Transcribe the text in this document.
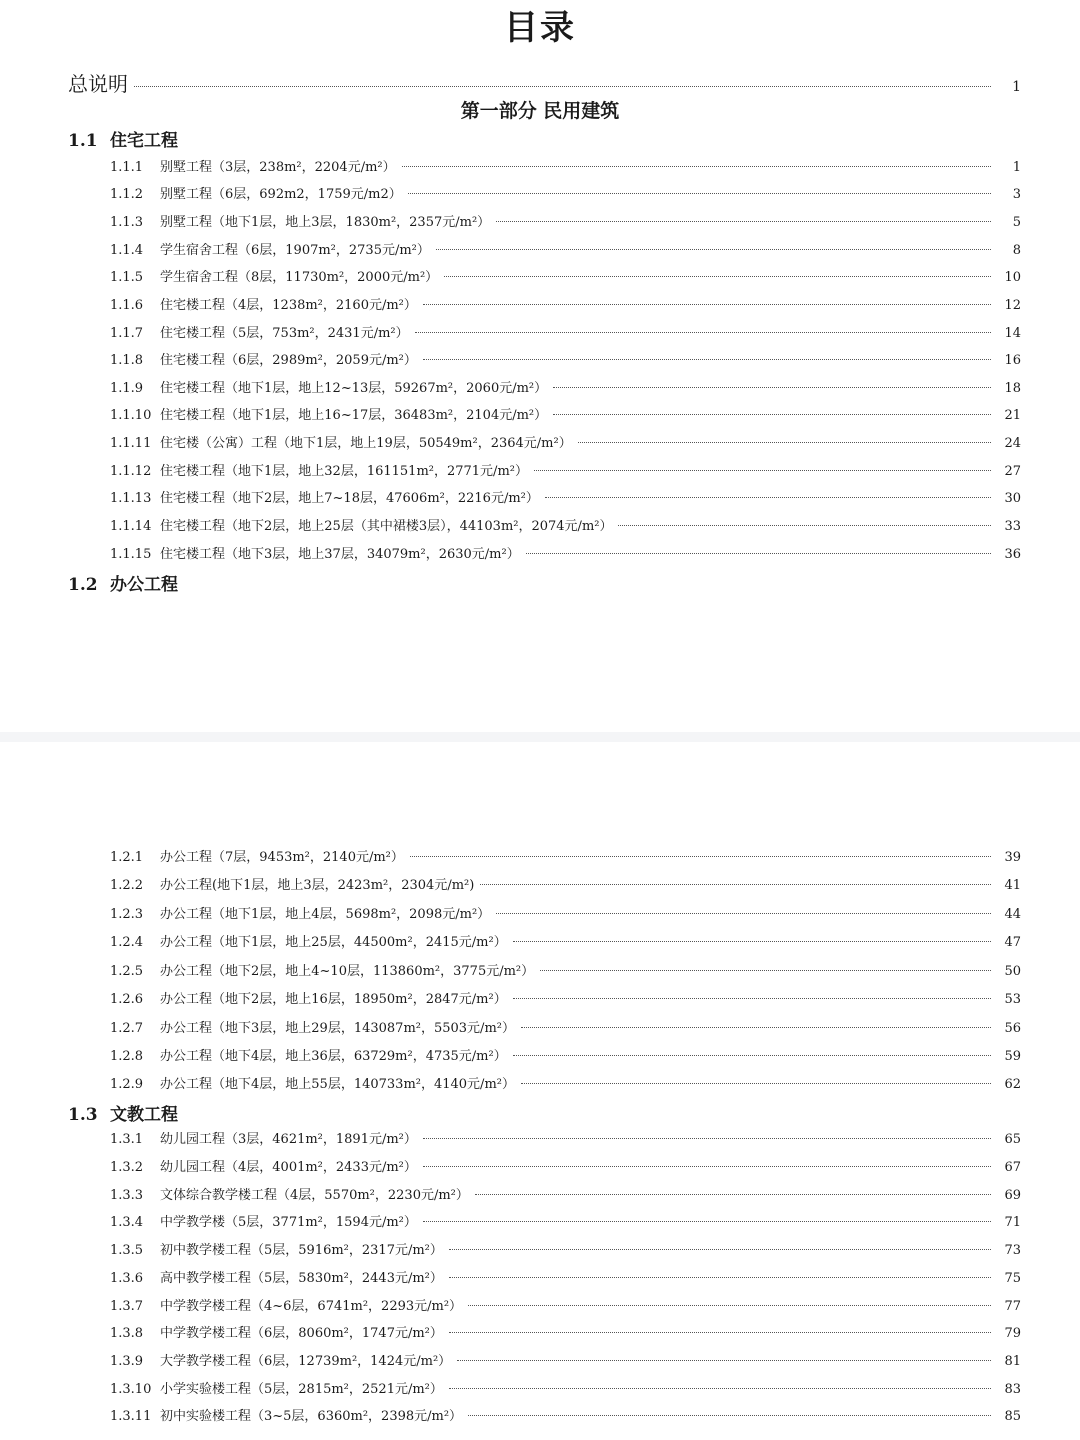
目录
总说明	1
第一部分 民用建筑
1.1 住宅工程
1.1.1	别墅工程（3层，238m²，2204元/m²）	1
1.1.2	别墅工程（6层，692m2，1759元/m2）	3
1.1.3	别墅工程（地下1层，地上3层，1830m²，2357元/m²）	5
1.1.4	学生宿舍工程（6层，1907m²，2735元/m²）	8
1.1.5	学生宿舍工程（8层，11730m²，2000元/m²）	10
1.1.6	住宅楼工程（4层，1238m²，2160元/m²）	12
1.1.7	住宅楼工程（5层，753m²，2431元/m²）	14
1.1.8	住宅楼工程（6层，2989m²，2059元/m²）	16
1.1.9	住宅楼工程（地下1层，地上12~13层，59267m²，2060元/m²）	18
1.1.10 住宅楼工程（地下1层，地上16~17层，36483m²，2104元/m²）	21
1.1.11 住宅楼（公寓）工程（地下1层，地上19层，50549m²，2364元/m²）	24
1.1.12 住宅楼工程（地下1层，地上32层，161151m²，2771元/m²）	27
1.1.13 住宅楼工程（地下2层，地上7~18层，47606m²，2216元/m²）	30
1.1.14 住宅楼工程（地下2层，地上25层（其中裙楼3层），44103m²，2074元/m²）	33
1.1.15 住宅楼工程（地下3层，地上37层，34079m²，2630元/m²）	36
1.2 办公工程
1.2.1	办公工程（7层，9453m²，2140元/m²）	39
1.2.2	办公工程(地下1层，地上3层，2423m²，2304元/m²)	41
1.2.3	办公工程（地下1层，地上4层，5698m²，2098元/m²）	44
1.2.4	办公工程（地下1层，地上25层，44500m²，2415元/m²）	47
1.2.5	办公工程（地下2层，地上4~10层，113860m²，3775元/m²）	50
1.2.6	办公工程（地下2层，地上16层，18950m²，2847元/m²）	53
1.2.7	办公工程（地下3层，地上29层，143087m²，5503元/m²）	56
1.2.8	办公工程（地下4层，地上36层，63729m²，4735元/m²）	59
1.2.9	办公工程（地下4层，地上55层，140733m²，4140元/m²）	62
1.3 文教工程
1.3.1	幼儿园工程（3层，4621m²，1891元/m²）	65
1.3.2	幼儿园工程（4层，4001m²，2433元/m²）	67
1.3.3	文体综合教学楼工程（4层，5570m²，2230元/m²）	69
1.3.4	中学教学楼（5层，3771m²，1594元/m²）	71
1.3.5	初中教学楼工程（5层，5916m²，2317元/m²）	73
1.3.6	高中教学楼工程（5层，5830m²，2443元/m²）	75
1.3.7	中学教学楼工程（4~6层，6741m²，2293元/m²）	77
1.3.8	中学教学楼工程（6层，8060m²，1747元/m²）	79
1.3.9	大学教学楼工程（6层，12739m²，1424元/m²）	81
1.3.10 小学实验楼工程（5层，2815m²，2521元/m²）	83
1.3.11 初中实验楼工程（3~5层，6360m²，2398元/m²）	85
